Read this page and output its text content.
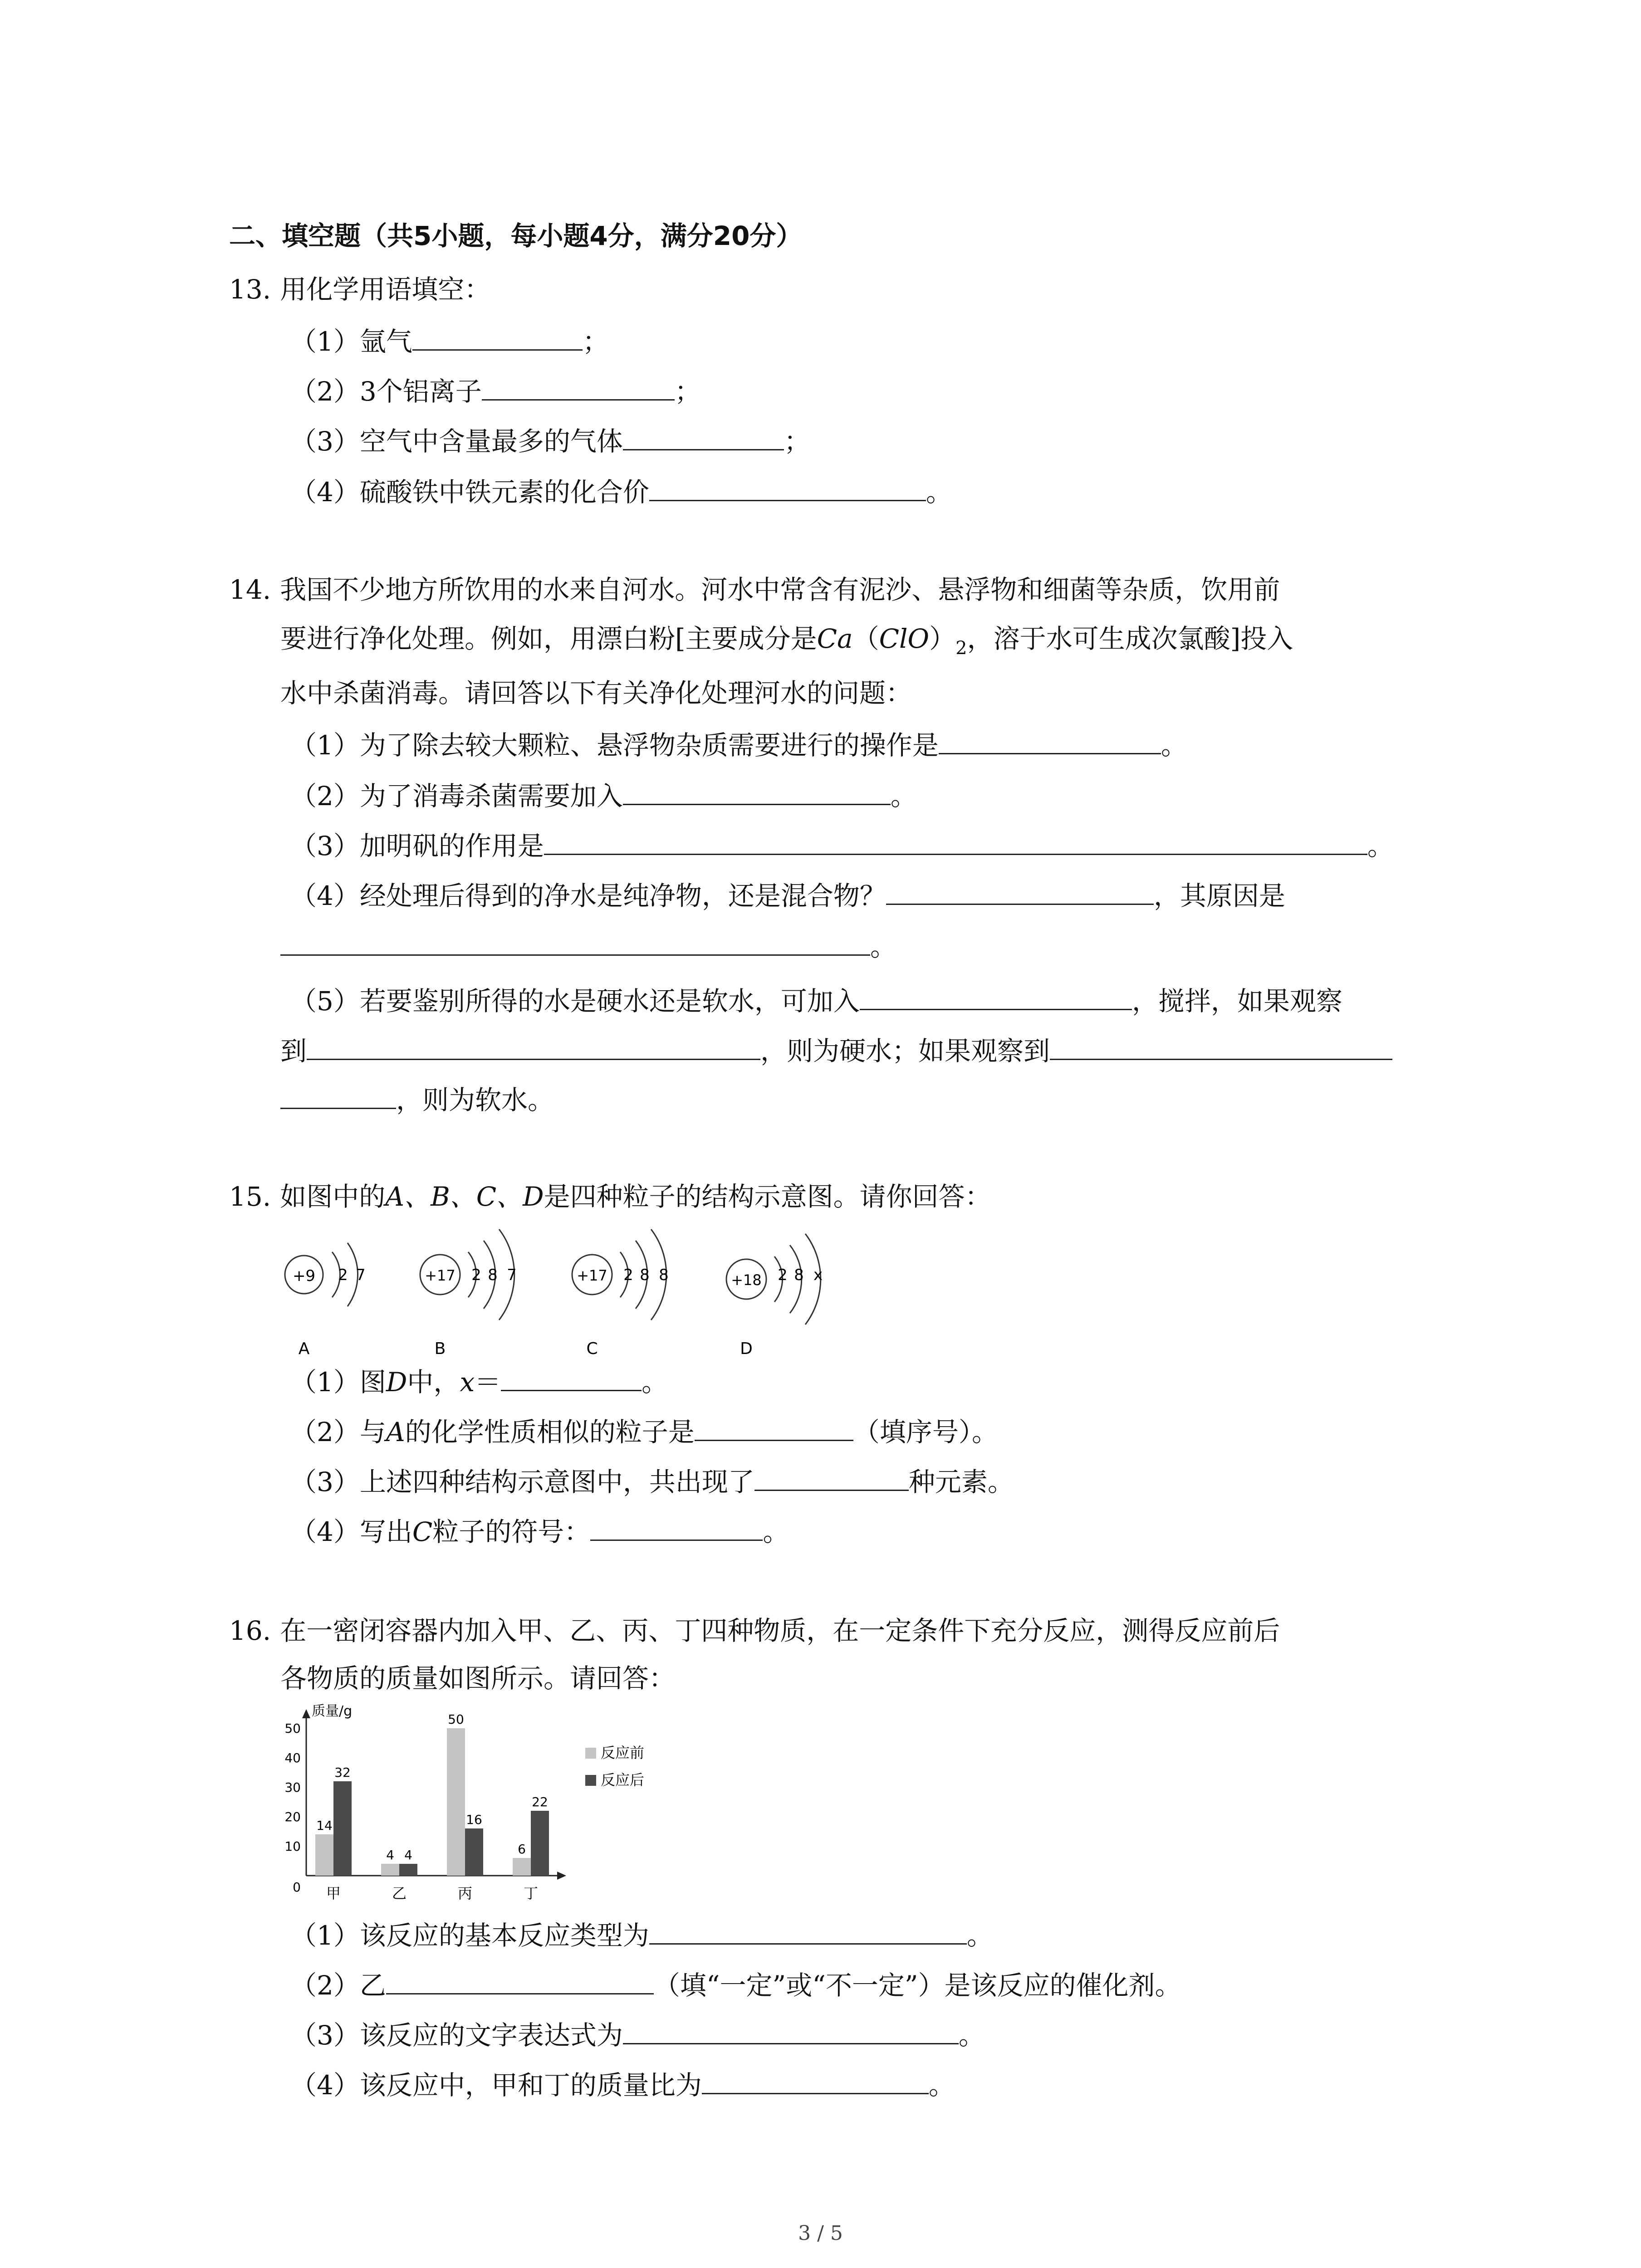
二、填空题（共5小题，每小题4分，满分20分）
13. 用化学用语填空：
（1）氩气	；
（2）3个铝离子	；
（3）空气中含量最多的气体	；
（4）硫酸铁中铁元素的化合价	。
14. 我国不少地方所饮用的水来自河水。河水中常含有泥沙、悬浮物和细菌等杂质，饮用前
要进行净化处理。例如，用漂白粉[主要成分是$Ca(ClO)_2$，溶于水可生成次氯酸]投入
水中杀菌消毒。请回答以下有关净化处理河水的问题：
（1）为了除去较大颗粒、悬浮物杂质需要进行的操作是	。
（2）为了消毒杀菌需要加入	。
（3）加明矾的作用是	。
（4）经处理后得到的净水是纯净物，还是混合物？	，其原因是
。
（5）若要鉴别所得的水是硬水还是软水，可加入	，搅拌，如果观察
到	，则为硬水；如果观察到
，则为软水。
15. 如图中的A、B、C、D是四种粒子的结构示意图。请你回答：
+9 2 7
A
+17 2 8 7
B
+17 2 8 8
C
+18 2 8 x
D
（1）图D中，x＝	。
（2）与A的化学性质相似的粒子是	（填序号）。
（3）上述四种结构示意图中，共出现了	种元素。
（4）写出C粒子的符号：	。
16. 在一密闭容器内加入甲、乙、丙、丁四种物质，在一定条件下充分反应，测得反应前后
各物质的质量如图所示。请回答：
质量/g
0
10
20
30
40
50
14
32
甲
4 4
乙
50
16
丙
6
22
丁
反应前
反应后
（1）该反应的基本反应类型为	。
（2）乙	（填“一定”或“不一定”）是该反应的催化剂。
（3）该反应的文字表达式为	。
（4）该反应中，甲和丁的质量比为	。
3 / 5
